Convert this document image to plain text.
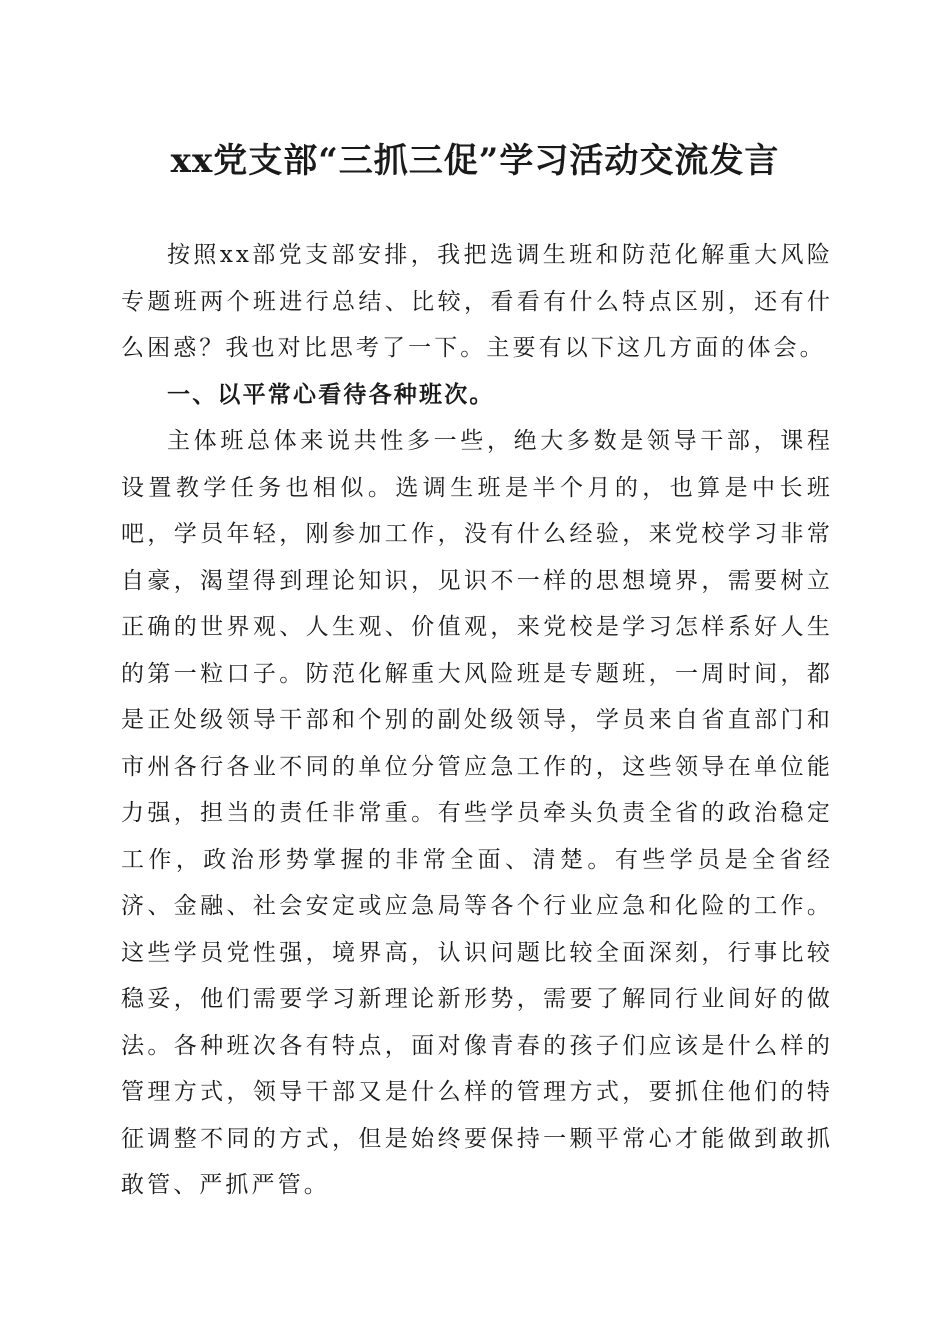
xx党支部“三抓三促”学习活动交流发言

按照xx部党支部安排，我把选调生班和防范化解重大风险专题班两个班进行总结、比较，看看有什么特点区别，还有什么困惑？我也对比思考了一下。主要有以下这几方面的体会。

一、以平常心看待各种班次。

主体班总体来说共性多一些，绝大多数是领导干部，课程设置教学任务也相似。选调生班是半个月的，也算是中长班吧，学员年轻，刚参加工作，没有什么经验，来党校学习非常自豪，渴望得到理论知识，见识不一样的思想境界，需要树立正确的世界观、人生观、价值观，来党校是学习怎样系好人生的第一粒口子。防范化解重大风险班是专题班，一周时间，都是正处级领导干部和个别的副处级领导，学员来自省直部门和市州各行各业不同的单位分管应急工作的，这些领导在单位能力强，担当的责任非常重。有些学员牵头负责全省的政治稳定工作，政治形势掌握的非常全面、清楚。有些学员是全省经济、金融、社会安定或应急局等各个行业应急和化险的工作。这些学员党性强，境界高，认识问题比较全面深刻，行事比较稳妥，他们需要学习新理论新形势，需要了解同行业间好的做法。各种班次各有特点，面对像青春的孩子们应该是什么样的管理方式，领导干部又是什么样的管理方式，要抓住他们的特征调整不同的方式，但是始终要保持一颗平常心才能做到敢抓敢管、严抓严管。
